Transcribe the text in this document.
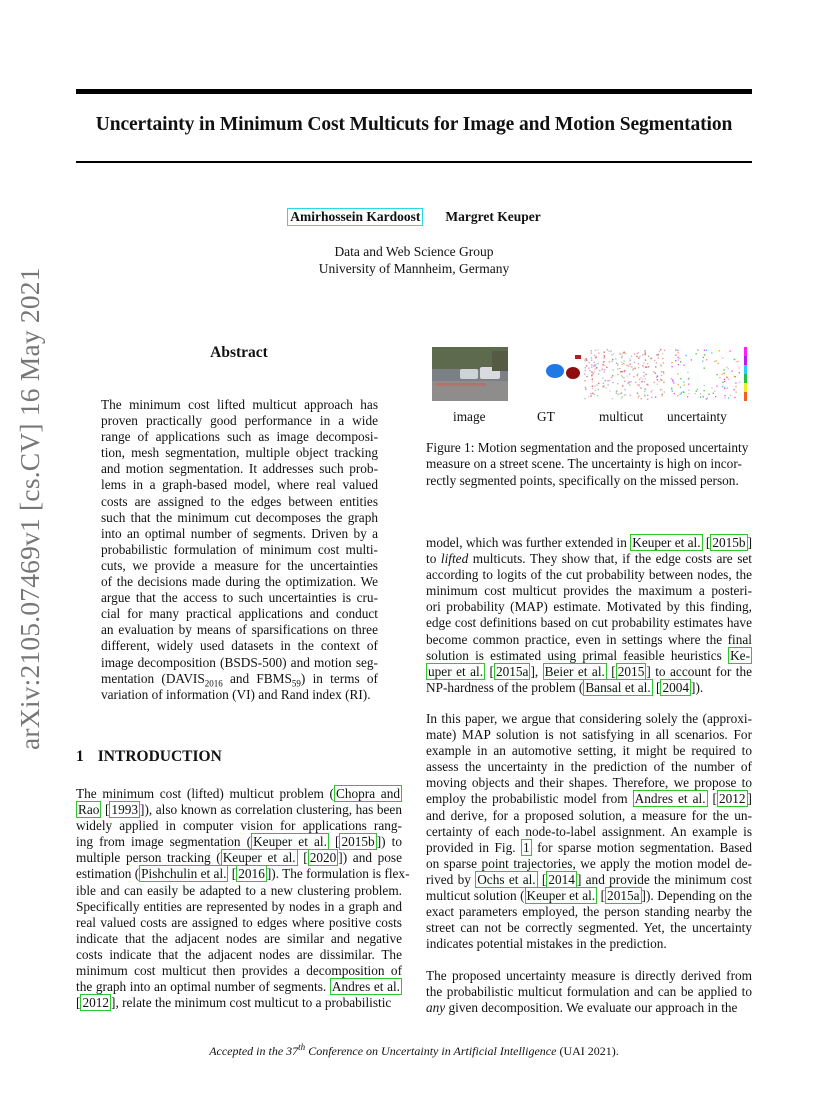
Uncertainty in Minimum Cost Multicuts for Image and Motion Segmentation
Amirhossein Kardoost Margret Keuper
Data and Web Science Group
University of Mannheim, Germany
arXiv:2105.07469v1 [cs.CV] 16 May 2021	Abstract
The minimum cost lifted multicut approach has
proven practically good performance in a wide
range of applications such as image decomposi-
tion, mesh segmentation, multiple object tracking
and motion segmentation. It addresses such prob-
lems in a graph-based model, where real valued
costs are assigned to the edges between entities
such that the minimum cut decomposes the graph
into an optimal number of segments. Driven by a
probabilistic formulation of minimum cost multi-
cuts, we provide a measure for the uncertainties
of the decisions made during the optimization. We
argue that the access to such uncertainties is cru-
cial for many practical applications and conduct
an evaluation by means of sparsifications on three
different, widely used datasets in the context of
image decomposition (BSDS-500) and motion seg-
mentation ($DAVIS_{2016}$ and $FBMS_{59}$) in terms of
variation of information (VI) and Rand index (RI).
1 INTRODUCTION
The minimum cost (lifted) multicut problem ( Chopra and
Rao [ 1993 ]), also known as correlation clustering, has been
widely applied in computer vision for applications rang-
ing from image segmentation ( Keuper et al. [ 2015b ]) to
multiple person tracking ( Keuper et al. [ 2020 ]) and pose
estimation ( Pishchulin et al. [ 2016 ]). The formulation is flex-
ible and can easily be adapted to a new clustering problem.
Specifically entities are represented by nodes in a graph and
real valued costs are assigned to edges where positive costs
indicate that the adjacent nodes are similar and negative
costs indicate that the adjacent nodes are dissimilar. The
minimum cost multicut then provides a decomposition of
the graph into an optimal number of segments. Andres et al.
[ 2012 ], relate the minimum cost multicut to a probabilistic
image	GT	multicut uncertainty
Figure 1: Motion segmentation and the proposed uncertainty
measure on a street scene. The uncertainty is high on incor-
rectly segmented points, specifically on the missed person.
model, which was further extended in Keuper et al. [ 2015b ]
to lifted multicuts. They show that, if the edge costs are set
according to logits of the cut probability between nodes, the
minimum cost multicut provides the maximum a posteri-
ori probability (MAP) estimate. Motivated by this finding,
edge cost definitions based on cut probability estimates have
become common practice, even in settings where the final
solution is estimated using primal feasible heuristics Ke-
uper et al. [ 2015a ], Beier et al. [ 2015 ] to account for the
NP-hardness of the problem ( Bansal et al. [ 2004 ]).
In this paper, we argue that considering solely the (approxi-
mate) MAP solution is not satisfying in all scenarios. For
example in an automotive setting, it might be required to
assess the uncertainty in the prediction of the number of
moving objects and their shapes. Therefore, we propose to
employ the probabilistic model from Andres et al. [ 2012 ]
and derive, for a proposed solution, a measure for the un-
certainty of each node-to-label assignment. An example is
provided in Fig. 1 for sparse motion segmentation. Based
on sparse point trajectories, we apply the motion model de-
rived by Ochs et al. [ 2014 ] and provide the minimum cost
multicut solution ( Keuper et al. [ 2015a ]). Depending on the
exact parameters employed, the person standing nearby the
street can not be correctly segmented. Yet, the uncertainty
indicates potential mistakes in the prediction.
The proposed uncertainty measure is directly derived from
the probabilistic multicut formulation and can be applied to
any given decomposition. We evaluate our approach in the
Accepted in the 37th Conference on Uncertainty in Artificial Intelligence (UAI 2021).
